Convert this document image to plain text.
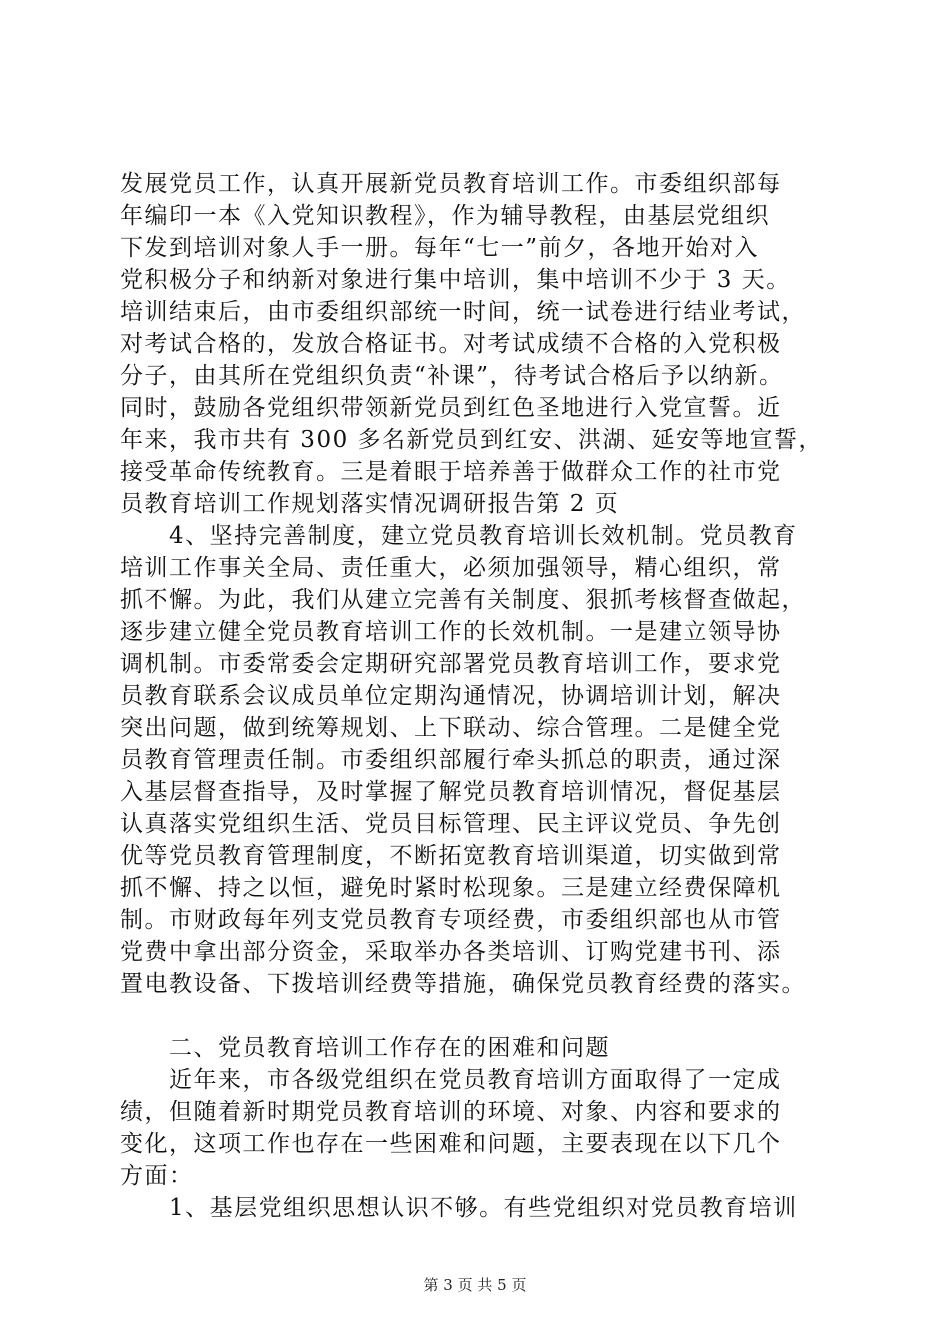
发展党员工作，认真开展新党员教育培训工作。市委组织部每
年编印一本《入党知识教程》，作为辅导教程，由基层党组织
下发到培训对象人手一册。每年“七一”前夕，各地开始对入
党积极分子和纳新对象进行集中培训，集中培训不少于 3 天。
培训结束后，由市委组织部统一时间，统一试卷进行结业考试，
对考试合格的，发放合格证书。对考试成绩不合格的入党积极
分子，由其所在党组织负责“补课”，待考试合格后予以纳新。
同时，鼓励各党组织带领新党员到红色圣地进行入党宣誓。近
年来，我市共有 300 多名新党员到红安、洪湖、延安等地宣誓，
接受革命传统教育。三是着眼于培养善于做群众工作的社市党
员教育培训工作规划落实情况调研报告第 2 页
　　4、坚持完善制度，建立党员教育培训长效机制。党员教育
培训工作事关全局、责任重大，必须加强领导，精心组织，常
抓不懈。为此，我们从建立完善有关制度、狠抓考核督查做起，
逐步建立健全党员教育培训工作的长效机制。一是建立领导协
调机制。市委常委会定期研究部署党员教育培训工作，要求党
员教育联系会议成员单位定期沟通情况，协调培训计划，解决
突出问题，做到统筹规划、上下联动、综合管理。二是健全党
员教育管理责任制。市委组织部履行牵头抓总的职责，通过深
入基层督查指导，及时掌握了解党员教育培训情况，督促基层
认真落实党组织生活、党员目标管理、民主评议党员、争先创
优等党员教育管理制度，不断拓宽教育培训渠道，切实做到常
抓不懈、持之以恒，避免时紧时松现象。三是建立经费保障机
制。市财政每年列支党员教育专项经费，市委组织部也从市管
党费中拿出部分资金，采取举办各类培训、订购党建书刊、添
置电教设备、下拨培训经费等措施，确保党员教育经费的落实。
　　二、党员教育培训工作存在的困难和问题
　　近年来，市各级党组织在党员教育培训方面取得了一定成
绩，但随着新时期党员教育培训的环境、对象、内容和要求的
变化，这项工作也存在一些困难和问题，主要表现在以下几个
方面：
　　1、基层党组织思想认识不够。有些党组织对党员教育培训
第 3 页 共 5 页
